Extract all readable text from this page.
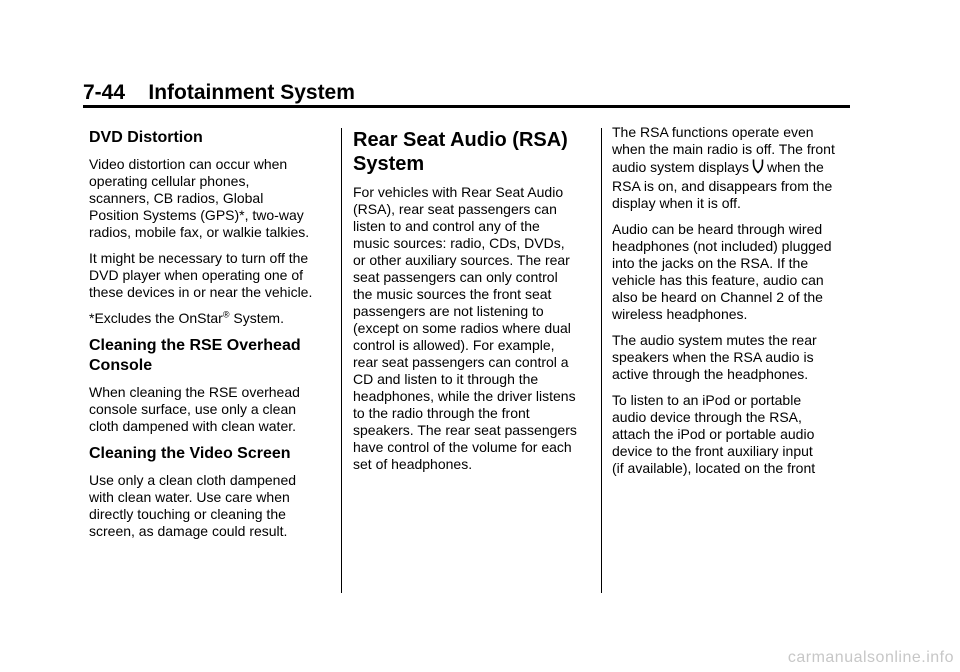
7-44 Infotainment System
DVD Distortion

Video distortion can occur when
operating cellular phones,
scanners, CB radios, Global
Position Systems (GPS)*, two-way
radios, mobile fax, or walkie talkies.

It might be necessary to turn off the
DVD player when operating one of
these devices in or near the vehicle.

*Excludes the OnStar® System.

Cleaning the RSE Overhead
Console

When cleaning the RSE overhead
console surface, use only a clean
cloth dampened with clean water.

Cleaning the Video Screen

Use only a clean cloth dampened
with clean water. Use care when
directly touching or cleaning the
screen, as damage could result.

Rear Seat Audio (RSA)
System

For vehicles with Rear Seat Audio
(RSA), rear seat passengers can
listen to and control any of the
music sources: radio, CDs, DVDs,
or other auxiliary sources. The rear
seat passengers can only control
the music sources the front seat
passengers are not listening to
(except on some radios where dual
control is allowed). For example,
rear seat passengers can control a
CD and listen to it through the
headphones, while the driver listens
to the radio through the front
speakers. The rear seat passengers
have control of the volume for each
set of headphones.

The RSA functions operate even
when the main radio is off. The front
audio system displays when the
RSA is on, and disappears from the
display when it is off.

Audio can be heard through wired
headphones (not included) plugged
into the jacks on the RSA. If the
vehicle has this feature, audio can
also be heard on Channel 2 of the
wireless headphones.

The audio system mutes the rear
speakers when the RSA audio is
active through the headphones.

To listen to an iPod or portable
audio device through the RSA,
attach the iPod or portable audio
device to the front auxiliary input
(if available), located on the front

carmanualsonline.info
